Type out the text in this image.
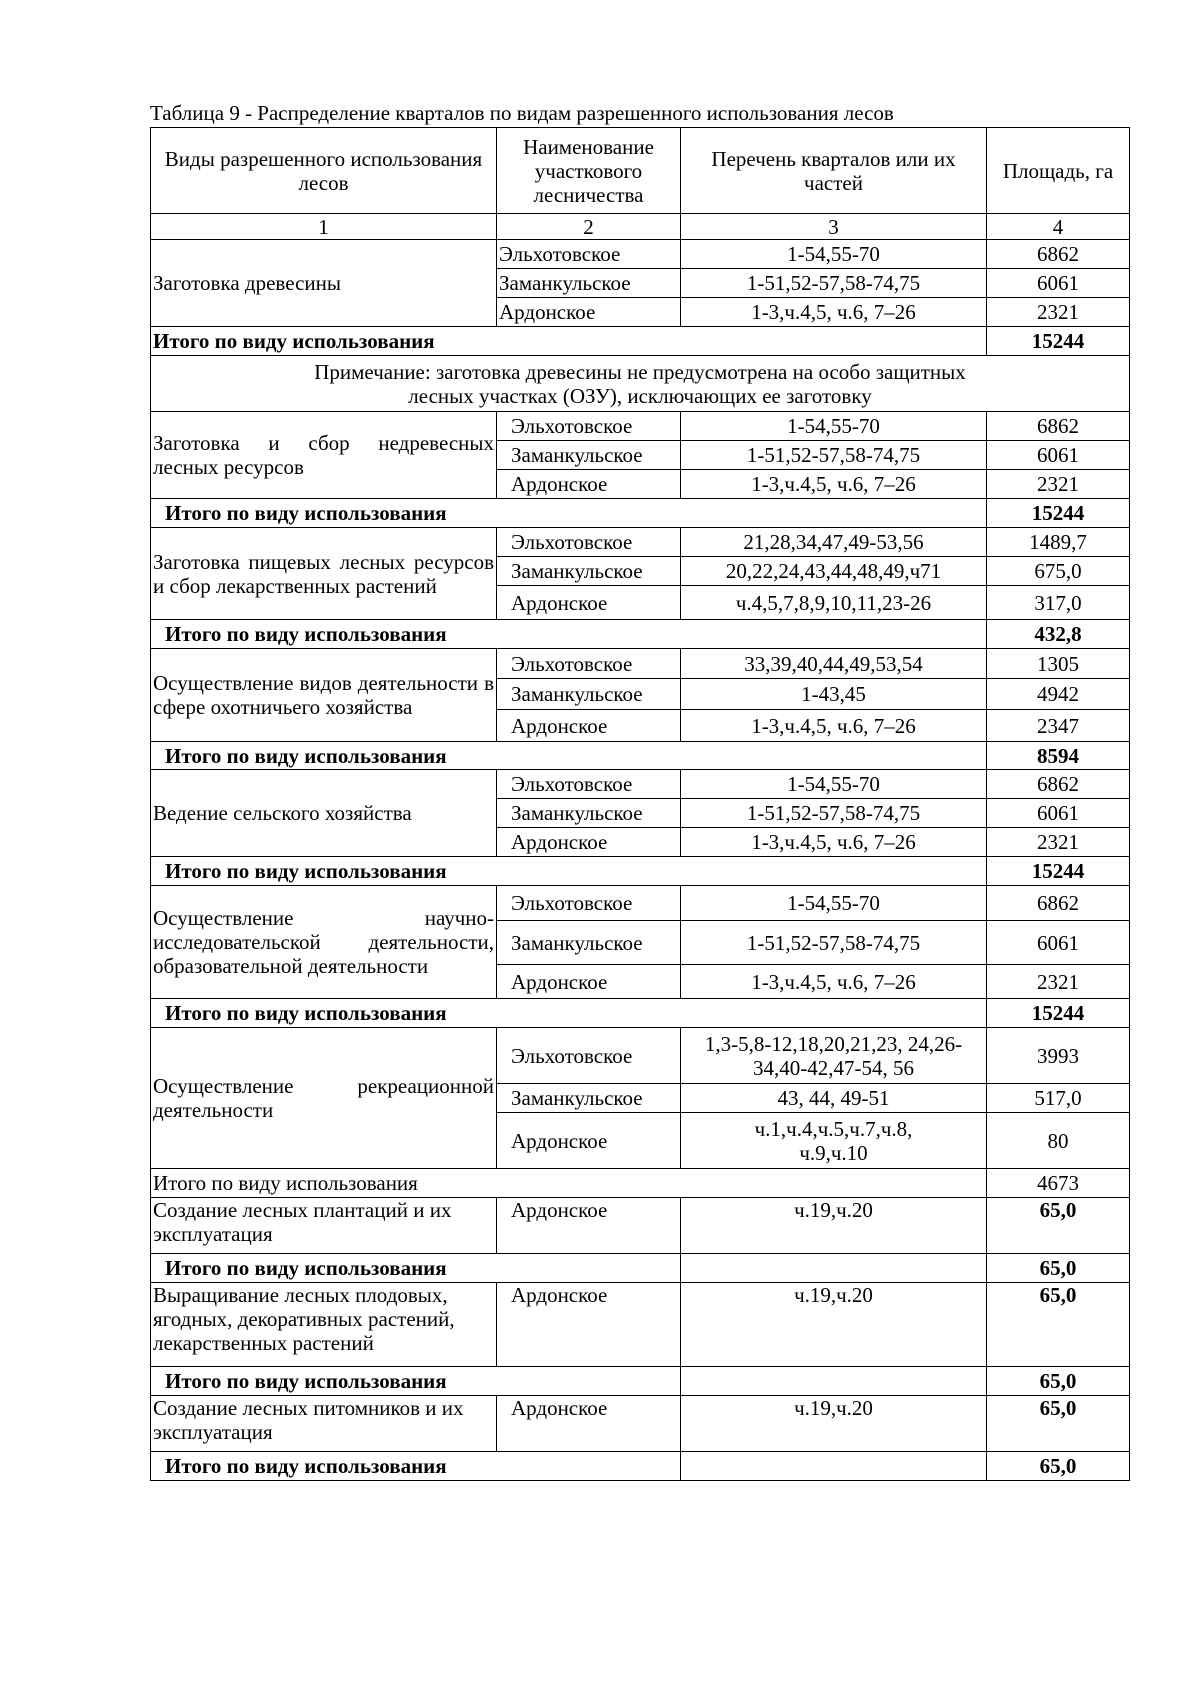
Таблица 9 - Распределение кварталов по видам разрешенного использования лесов
Виды разрешенного использования лесов	Наименование участкового лесничества	Перечень кварталов или их частей	Площадь, га
1	2	3	4
Заготовка древесины	Эльхотовское	1-54,55-70	6862
	Заманкульское	1-51,52-57,58-74,75	6061
	Ардонское	1-3,ч.4,5, ч.6, 7–26	2321
Итого по виду использования			15244
Примечание: заготовка древесины не предусмотрена на особо защитных лесных участках (ОЗУ), исключающих ее заготовку			
Заготовка и сбор недревесных лесных ресурсов	Эльхотовское	1-54,55-70	6862
	Заманкульское	1-51,52-57,58-74,75	6061
	Ардонское	1-3,ч.4,5, ч.6, 7–26	2321
Итого по виду использования			15244
Заготовка пищевых лесных ресурсов и сбор лекарственных растений	Эльхотовское	21,28,34,47,49-53,56	1489,7
	Заманкульское	20,22,24,43,44,48,49,ч71	675,0
	Ардонское	ч.4,5,7,8,9,10,11,23-26	317,0
Итого по виду использования			432,8
Осуществление видов деятельности в сфере охотничьего хозяйства	Эльхотовское	33,39,40,44,49,53,54	1305
	Заманкульское	1-43,45	4942
	Ардонское	1-3,ч.4,5, ч.6, 7–26	2347
Итого по виду использования			8594
Ведение сельского хозяйства	Эльхотовское	1-54,55-70	6862
	Заманкульское	1-51,52-57,58-74,75	6061
	Ардонское	1-3,ч.4,5, ч.6, 7–26	2321
Итого по виду использования			15244
Осуществление научно-исследовательской деятельности, образовательной деятельности	Эльхотовское	1-54,55-70	6862
	Заманкульское	1-51,52-57,58-74,75	6061
	Ардонское	1-3,ч.4,5, ч.6, 7–26	2321
Итого по виду использования			15244
Осуществление рекреационной деятельности	Эльхотовское	1,3-5,8-12,18,20,21,23, 24,26-34,40-42,47-54, 56	3993
	Заманкульское	43, 44, 49-51	517,0
	Ардонское	ч.1,ч.4,ч.5,ч.7,ч.8, ч.9,ч.10	80
Итого по виду использования			4673
Создание лесных плантаций и их эксплуатация	Ардонское	ч.19,ч.20	65,0
Итого по виду использования			65,0
Выращивание лесных плодовых, ягодных, декоративных растений, лекарственных растений	Ардонское	ч.19,ч.20	65,0
Итого по виду использования			65,0
Создание лесных питомников и их эксплуатация	Ардонское	ч.19,ч.20	65,0
Итого по виду использования			65,0
